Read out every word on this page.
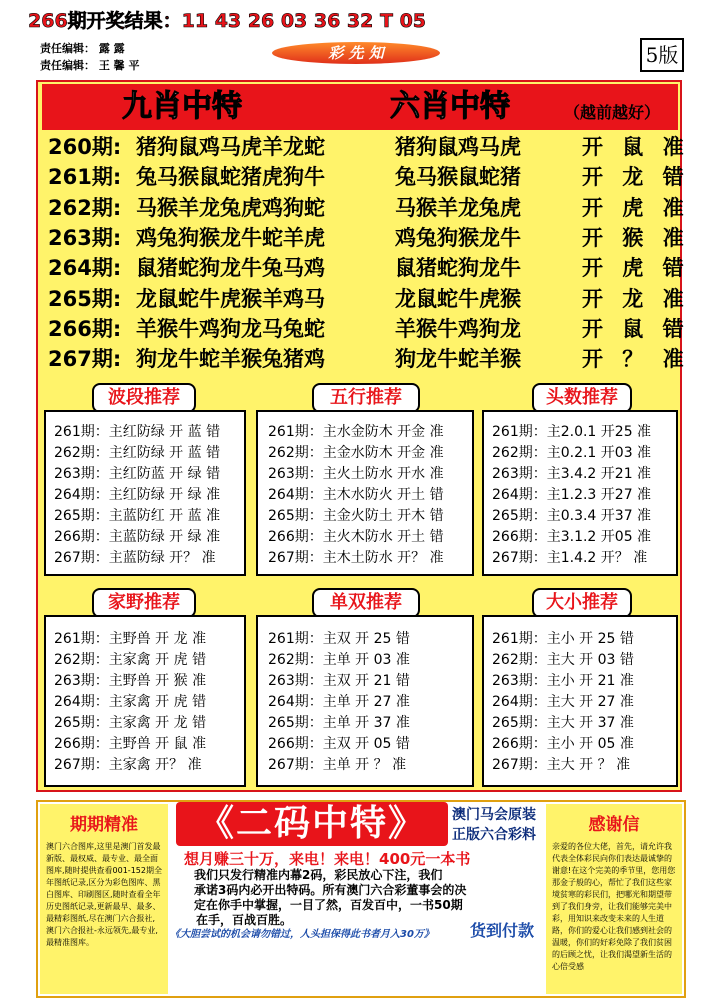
266期开奖结果：11 43 26 03 36 32 T 05
责任编辑： 露 露
责任编辑： 王 馨 平
彩 先 知	5版
九肖中特	六肖中特	（越前越好）
260期: 猪狗鼠鸡马虎羊龙蛇	猪狗鼠鸡马虎	开 鼠 准
261期: 兔马猴鼠蛇猪虎狗牛	兔马猴鼠蛇猪	开 龙 错
262期: 马猴羊龙兔虎鸡狗蛇	马猴羊龙兔虎	开 虎 准
263期: 鸡兔狗猴龙牛蛇羊虎	鸡兔狗猴龙牛	开 猴 准
264期: 鼠猪蛇狗龙牛兔马鸡	鼠猪蛇狗龙牛	开 虎 错
265期: 龙鼠蛇牛虎猴羊鸡马	龙鼠蛇牛虎猴	开 龙 准
266期: 羊猴牛鸡狗龙马兔蛇	羊猴牛鸡狗龙	开 鼠 错
267期: 狗龙牛蛇羊猴兔猪鸡	狗龙牛蛇羊猴	开 ？ 准
波段推荐
261期：主红防绿 开 蓝 错
262期：主红防绿 开 蓝 错
263期：主红防蓝 开 绿 错
264期：主红防绿 开 绿 准
265期：主蓝防红 开 蓝 准
266期：主蓝防绿 开 绿 准
267期：主蓝防绿 开？ 准
五行推荐
261期：主水金防木 开金 准
262期：主金水防木 开金 准
263期：主火土防水 开水 准
264期：主木水防火 开土 错
265期：主金火防土 开木 错
266期：主火木防水 开土 错
267期：主木土防水 开？ 准
头数推荐
261期：主2.0.1 开25 准
262期：主0.2.1 开03 准
263期：主3.4.2 开21 准
264期：主1.2.3 开27 准
265期：主0.3.4 开37 准
266期：主3.1.2 开05 准
267期：主1.4.2 开？ 准
家野推荐
261期：主野兽 开 龙 准
262期：主家禽 开 虎 错
263期：主野兽 开 猴 准
264期：主家禽 开 虎 错
265期：主家禽 开 龙 错
266期：主野兽 开 鼠 准
267期：主家禽 开？ 准
单双推荐
261期：主双 开 25 错
262期：主单 开 03 准
263期：主双 开 21 错
264期：主单 开 27 准
265期：主单 开 37 准
266期：主双 开 05 错
267期：主单 开 ？ 准
大小推荐
261期：主小 开 25 错
262期：主大 开 03 错
263期：主小 开 21 准
264期：主大 开 27 准
265期：主大 开 37 准
266期：主小 开 05 准
267期：主大 开 ？ 准
期期精准
澳门六合图库,这里是澳门首发最新版、最权威、最专业、最全面图库,随时提供查看001-152期全年图纸记录,区分为彩色图库、黑白图库、印刷图区,随时查看全年历史图纸记录,更新最早、最多、最精彩图纸,尽在澳门六合报社,澳门六合报社-永远领先,最专业,最精准图库。
《二码中特》	澳门马会原装
正版六合彩料
想月赚三十万，来电！来电！400元一本书
我们只发行精准内幕2码，彩民放心下注，我们
承诺3码内必开出特码。所有澳门六合彩董事会的决
定在你手中掌握，一目了然，百发百中，一书50期
在手，百战百胜。
《大胆尝试的机会请勿错过，人头担保得此书者月入30万》 货到付款
感谢信
亲爱的各位大佬，首先，请允许我代表全体彩民向你们表达最诚挚的谢意!在这个完美的季节里，您用您那金子般的心，帮忙了我们这些家境贫寒的彩民们，把哪光和期望带到了我们身旁，让我们能够完美中彩，用知识来改变未来的人生道路，你们的爱心让我们感到社会的温暖，你们的好彩免除了我们贫困的后顾之忧，让我们渴望新生活的心倍受感
